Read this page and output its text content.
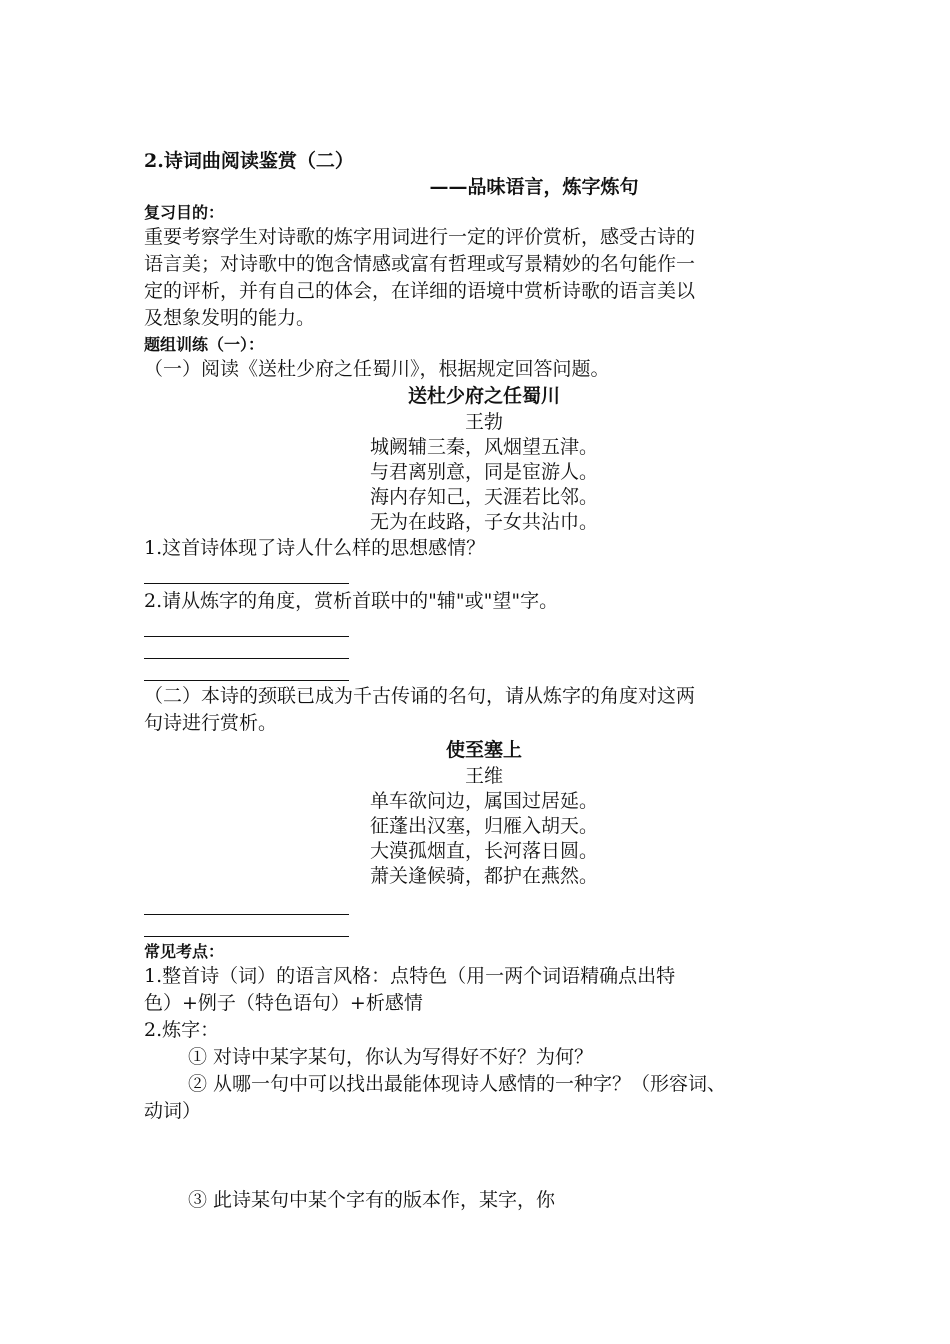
2.诗词曲阅读鉴赏（二）
——品味语言，炼字炼句
复习目的：
重要考察学生对诗歌的炼字用词进行一定的评价赏析，感受古诗的
语言美；对诗歌中的饱含情感或富有哲理或写景精妙的名句能作一
定的评析，并有自己的体会，在详细的语境中赏析诗歌的语言美以
及想象发明的能力。
题组训练（一）：
（一）阅读《送杜少府之任蜀川》，根据规定回答问题。
送杜少府之任蜀川
王勃
城阙辅三秦，风烟望五津。
与君离别意，同是宦游人。
海内存知己，天涯若比邻。
无为在歧路，子女共沾巾。
1.这首诗体现了诗人什么样的思想感情？
2.请从炼字的角度，赏析首联中的"辅"或"望"字。
（二）本诗的颈联已成为千古传诵的名句，请从炼字的角度对这两
句诗进行赏析。
使至塞上
王维
单车欲问边，属国过居延。
征蓬出汉塞，归雁入胡天。
大漠孤烟直，长河落日圆。
萧关逢候骑，都护在燕然。
常见考点：
1.整首诗（词）的语言风格：点特色（用一两个词语精确点出特
色）+例子（特色语句）+析感情
2.炼字：
① 对诗中某字某句，你认为写得好不好？为何？
② 从哪一句中可以找出最能体现诗人感情的一种字？（形容词、
动词）
③ 此诗某句中某个字有的版本作，某字，你
